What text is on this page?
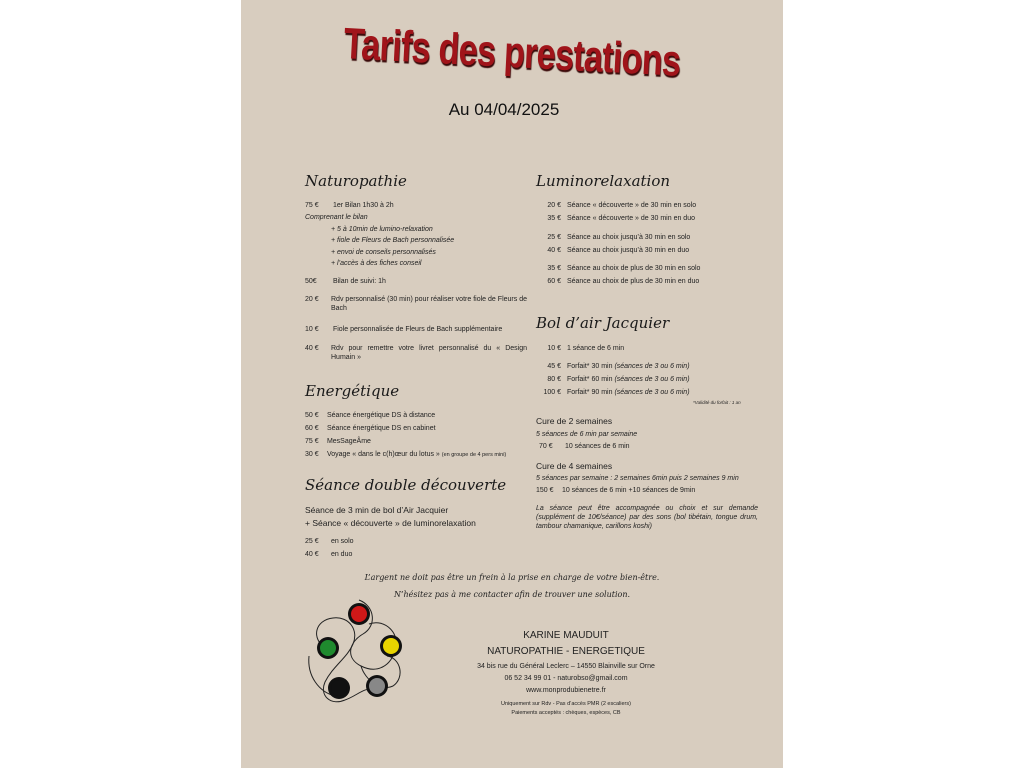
Tarifs des prestations
Au 04/04/2025
Naturopathie
75 € 1er Bilan 1h30 à 2h
Comprenant le bilan
+ 5 à 10min de lumino-relaxation
+ fiole de Fleurs de Bach personnalisée
+ envoi de conseils personnalisés
+ l’accès à des fiches conseil
50€ Bilan de suivi: 1h
20 €	Rdv personnalisé (30 min) pour réaliser votre fiole de Fleurs de Bach
10 € Fiole personnalisée de Fleurs de Bach supplémentaire
40 €	Rdv pour remettre votre livret personnalisé du « Design Humain »
Energétique
50 € Séance énergétique DS à distance
60 € Séance énergétique DS en cabinet
75 € MesSageÂme
30 € Voyage « dans le c(h)œur du lotus » (en groupe de 4 pers mini)
Séance double découverte
Séance de 3 min de bol d’Air Jacquier
+ Séance « découverte » de luminorelaxation
25 € en solo
40 € en duo
Luminorelaxation
20 € Séance « découverte » de 30 min en solo
35 € Séance « découverte » de 30 min en duo
25 € Séance au choix jusqu’à 30 min en solo
40 € Séance au choix jusqu’à 30 min en duo
35 € Séance au choix de plus de 30 min en solo
60 € Séance au choix de plus de 30 min en duo
Bol d’air Jacquier
10 € 1 séance de 6 min
45 € Forfait* 30 min (séances de 3 ou 6 min)
80 € Forfait* 60 min (séances de 3 ou 6 min)
100 € Forfait* 90 min (séances de 3 ou 6 min)
*Validité du forfait : 1 an
Cure de 2 semaines
5 séances de 6 min par semaine
70 € 10 séances de 6 min
Cure de 4 semaines
5 séances par semaine : 2 semaines 6min puis 2 semaines 9 min
150 € 10 séances de 6 min +10 séances de 9min
La séance peut être accompagnée ou choix et sur demande (supplément de 10€/séance) par des sons (bol tibétain, tongue drum, tambour chamanique, carillons koshi)
L’argent ne doit pas être un frein à la prise en charge de votre bien-être.
N’hésitez pas à me contacter afin de trouver une solution.
KARINE MAUDUIT
NATUROPATHIE - ENERGETIQUE
34 bis rue du Général Leclerc – 14550 Blainville sur Orne
06 52 34 99 01 - naturobso@gmail.com
www.monprodubienetre.fr
Uniquement sur Rdv - Pas d’accès PMR (2 escaliers)
Paiements acceptés : chèques, espèces, CB
